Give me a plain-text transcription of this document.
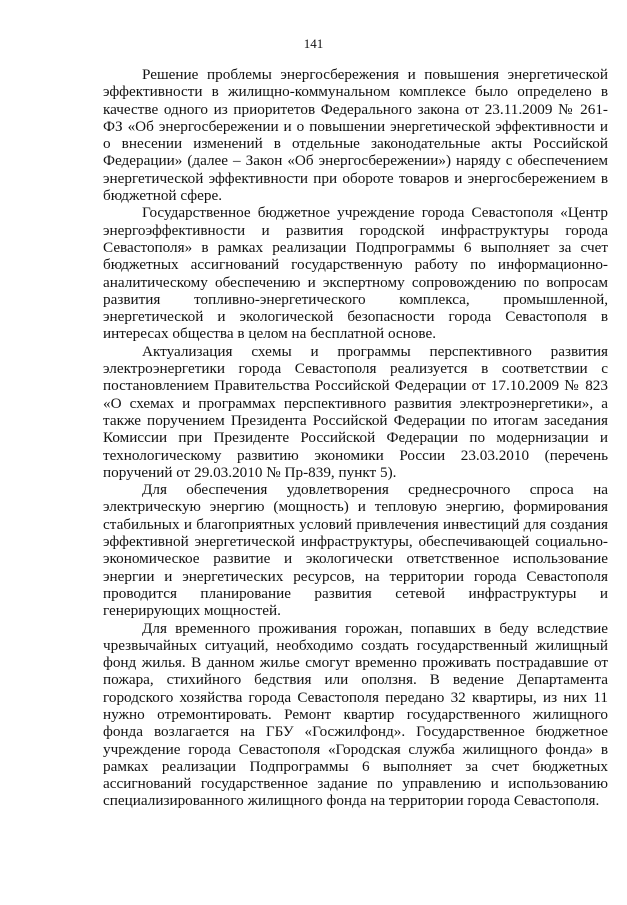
141

Решение проблемы энергосбережения и повышения энергетической эффективности в жилищно-коммунальном комплексе было определено в качестве одного из приоритетов Федерального закона от 23.11.2009 № 261-ФЗ «Об энергосбережении и о повышении энергетической эффективности и о внесении изменений в отдельные законодательные акты Российской Федерации» (далее – Закон «Об энергосбережении») наряду с обеспечением энергетической эффективности при обороте товаров и энергосбережением в бюджетной сфере.

Государственное бюджетное учреждение города Севастополя «Центр энергоэффективности и развития городской инфраструктуры города Севастополя» в рамках реализации Подпрограммы 6 выполняет за счет бюджетных ассигнований государственную работу по информационно-аналитическому обеспечению и экспертному сопровождению по вопросам развития топливно-энергетического комплекса, промышленной, энергетической и экологической безопасности города Севастополя в интересах общества в целом на бесплатной основе.

Актуализация схемы и программы перспективного развития электроэнергетики города Севастополя реализуется в соответствии с постановлением Правительства Российской Федерации от 17.10.2009 № 823 «О схемах и программах перспективного развития электроэнергетики», а также поручением Президента Российской Федерации по итогам заседания Комиссии при Президенте Российской Федерации по модернизации и технологическому развитию экономики России 23.03.2010 (перечень поручений от 29.03.2010 № Пр-839, пункт 5).

Для обеспечения удовлетворения среднесрочного спроса на электрическую энергию (мощность) и тепловую энергию, формирования стабильных и благоприятных условий привлечения инвестиций для создания эффективной энергетической инфраструктуры, обеспечивающей социально-экономическое развитие и экологически ответственное использование энергии и энергетических ресурсов, на территории города Севастополя проводится планирование развития сетевой инфраструктуры и генерирующих мощностей.

Для временного проживания горожан, попавших в беду вследствие чрезвычайных ситуаций, необходимо создать государственный жилищный фонд жилья. В данном жилье смогут временно проживать пострадавшие от пожара, стихийного бедствия или оползня. В ведение Департамента городского хозяйства города Севастополя передано 32 квартиры, из них 11 нужно отремонтировать. Ремонт квартир государственного жилищного фонда возлагается на ГБУ «Госжилфонд». Государственное бюджетное учреждение города Севастополя «Городская служба жилищного фонда» в рамках реализации Подпрограммы 6 выполняет за счет бюджетных ассигнований государственное задание по управлению и использованию специализированного жилищного фонда на территории города Севастополя.
